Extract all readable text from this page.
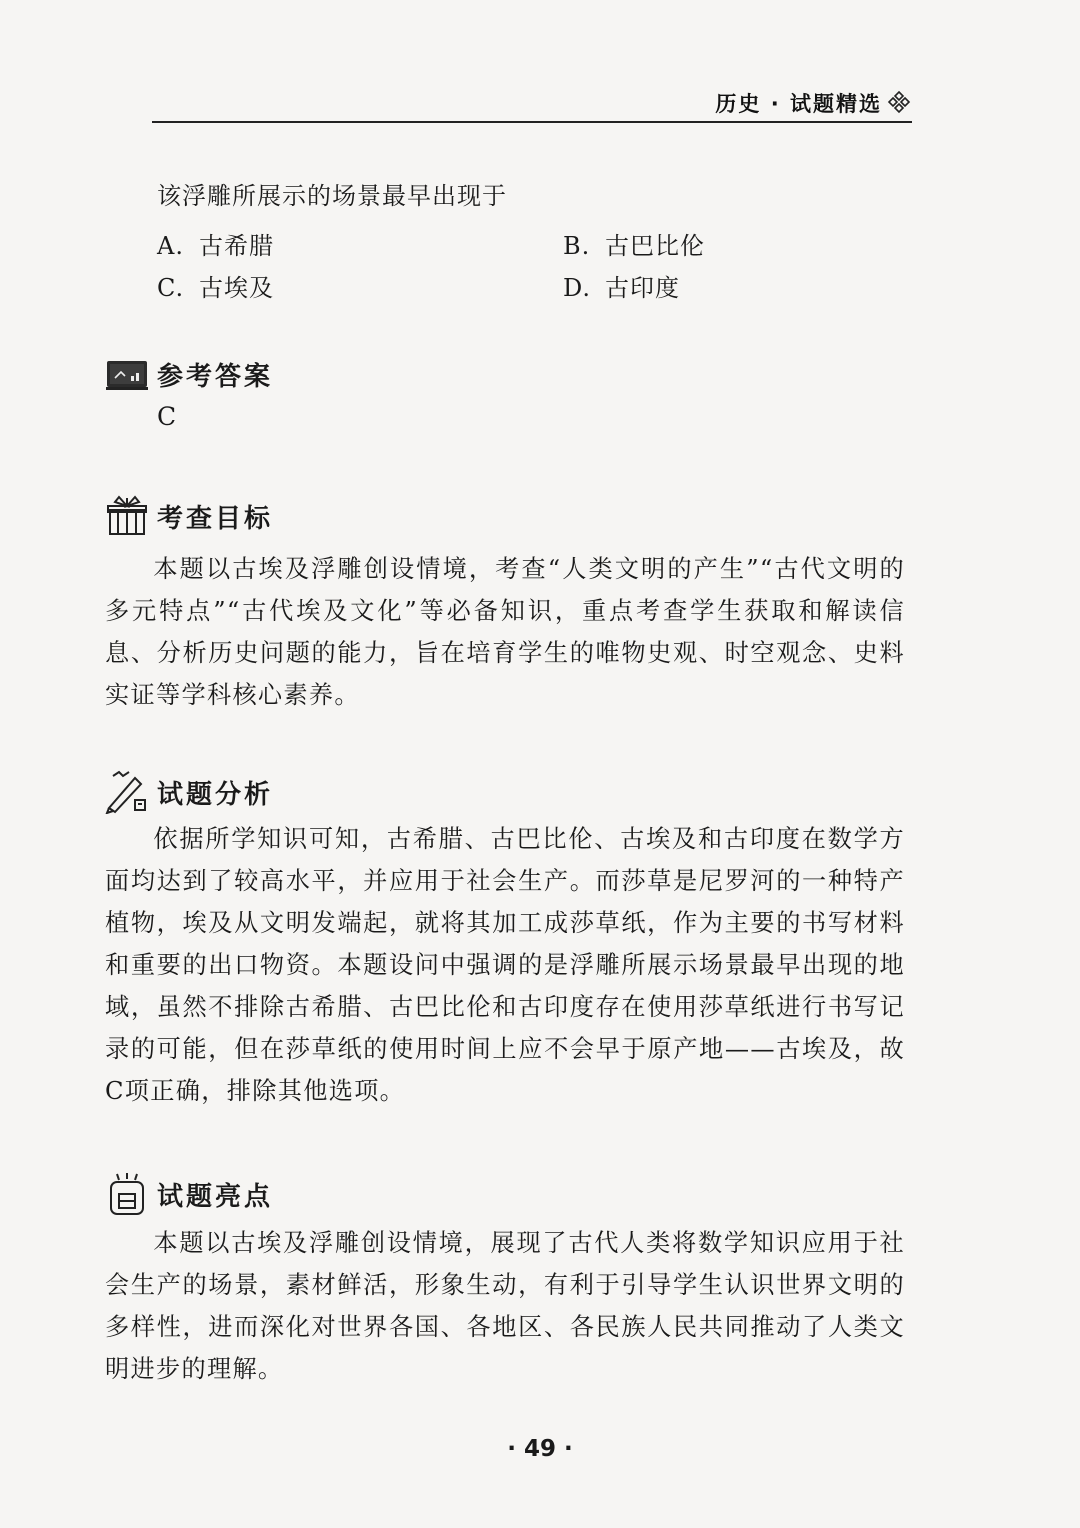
历史 · 试题精选
该浮雕所展示的场景最早出现于
A. 古希腊	B. 古巴比伦
C. 古埃及	D. 古印度
参考答案
C
考查目标

本题以古埃及浮雕创设情境，考查“人类文明的产生”“古代文明的多元特点”“古代埃及文化”等必备知识，重点考查学生获取和解读信息、分析历史问题的能力，旨在培育学生的唯物史观、时空观念、史料实证等学科核心素养。

试题分析

依据所学知识可知，古希腊、古巴比伦、古埃及和古印度在数学方面均达到了较高水平，并应用于社会生产。而莎草是尼罗河的一种特产植物，埃及从文明发端起，就将其加工成莎草纸，作为主要的书写材料和重要的出口物资。本题设问中强调的是浮雕所展示场景最早出现的地域，虽然不排除古希腊、古巴比伦和古印度存在使用莎草纸进行书写记录的可能，但在莎草纸的使用时间上应不会早于原产地——古埃及，故C项正确，排除其他选项。

试题亮点

本题以古埃及浮雕创设情境，展现了古代人类将数学知识应用于社会生产的场景，素材鲜活，形象生动，有利于引导学生认识世界文明的多样性，进而深化对世界各国、各地区、各民族人民共同推动了人类文明进步的理解。

· 49 ·
